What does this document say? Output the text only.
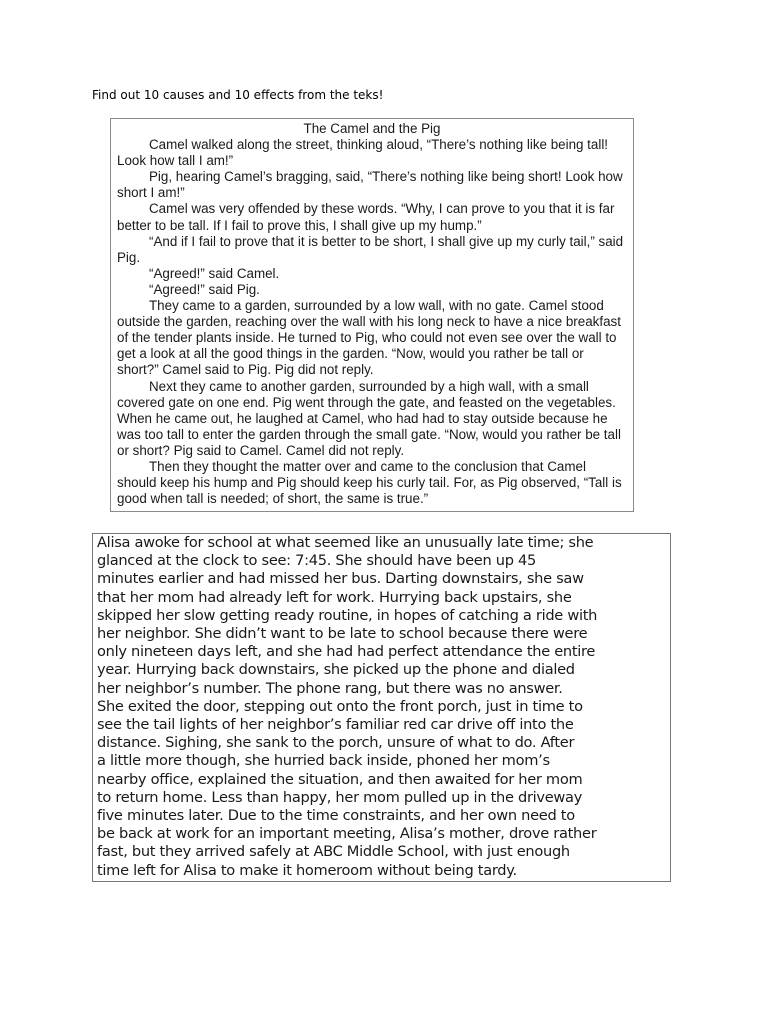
Find out 10 causes and 10 effects from the teks!
The Camel and the Pig

Camel walked along the street, thinking aloud, “There’s nothing like being tall! Look how tall I am!”

Pig, hearing Camel’s bragging, said, “There’s nothing like being short! Look how short I am!”

Camel was very offended by these words. “Why, I can prove to you that it is far better to be tall. If I fail to prove this, I shall give up my hump.”

“And if I fail to prove that it is better to be short, I shall give up my curly tail,” said Pig.

“Agreed!” said Camel.

“Agreed!” said Pig.

They came to a garden, surrounded by a low wall, with no gate. Camel stood outside the garden, reaching over the wall with his long neck to have a nice breakfast of the tender plants inside. He turned to Pig, who could not even see over the wall to get a look at all the good things in the garden. “Now, would you rather be tall or short?” Camel said to Pig. Pig did not reply.

Next they came to another garden, surrounded by a high wall, with a small covered gate on one end. Pig went through the gate, and feasted on the vegetables. When he came out, he laughed at Camel, who had had to stay outside because he was too tall to enter the garden through the small gate. “Now, would you rather be tall or short? Pig said to Camel. Camel did not reply.

Then they thought the matter over and came to the conclusion that Camel should keep his hump and Pig should keep his curly tail. For, as Pig observed, “Tall is good when tall is needed; of short, the same is true.”

Alisa awoke for school at what seemed like an unusually late time; she
glanced at the clock to see: 7:45. She should have been up 45
minutes earlier and had missed her bus. Darting downstairs, she saw
that her mom had already left for work. Hurrying back upstairs, she
skipped her slow getting ready routine, in hopes of catching a ride with
her neighbor. She didn’t want to be late to school because there were
only nineteen days left, and she had had perfect attendance the entire
year. Hurrying back downstairs, she picked up the phone and dialed
her neighbor’s number. The phone rang, but there was no answer.
She exited the door, stepping out onto the front porch, just in time to
see the tail lights of her neighbor’s familiar red car drive off into the
distance. Sighing, she sank to the porch, unsure of what to do. After
a little more though, she hurried back inside, phoned her mom’s
nearby office, explained the situation, and then awaited for her mom
to return home. Less than happy, her mom pulled up in the driveway
five minutes later. Due to the time constraints, and her own need to
be back at work for an important meeting, Alisa’s mother, drove rather
fast, but they arrived safely at ABC Middle School, with just enough
time left for Alisa to make it homeroom without being tardy.
